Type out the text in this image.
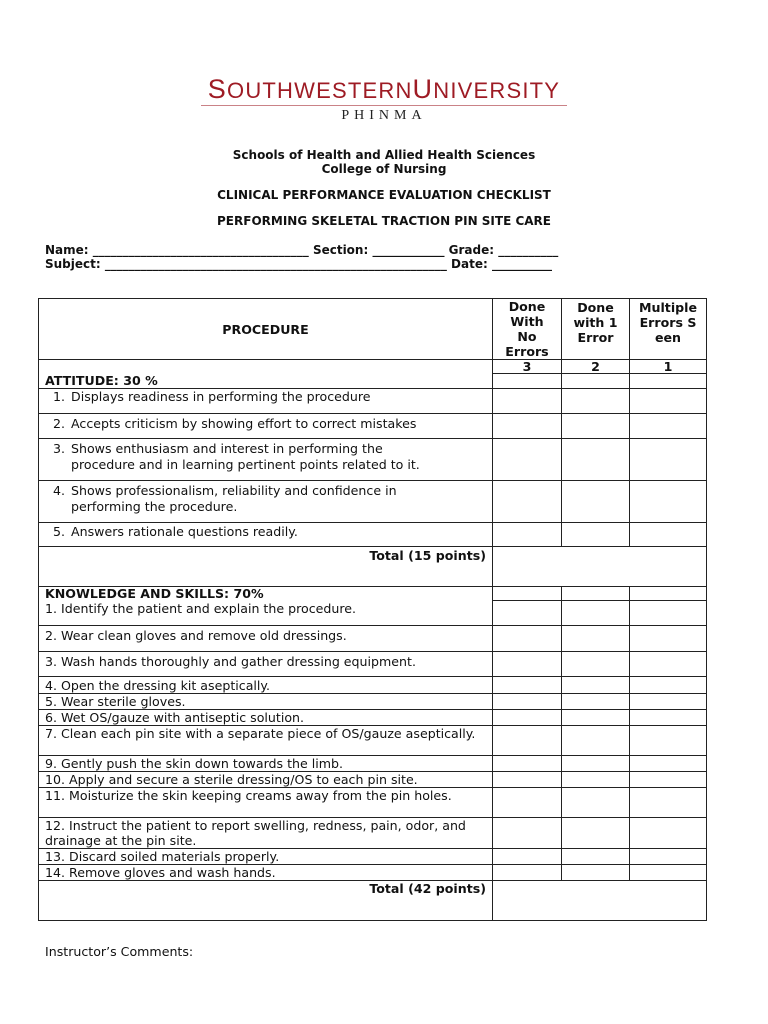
SOUTHWESTERNUNIVERSITY
PHINMA
Schools of Health and Allied Health Sciences
College of Nursing
CLINICAL PERFORMANCE EVALUATION CHECKLIST
PERFORMING SKELETAL TRACTION PIN SITE CARE
Name: ____________________________________ Section: ____________ Grade: __________
Subject: _________________________________________________________ Date: __________
PROCEDURE	Done With No Errors	Done with 1 Error	Multiple Errors Seen

	3	2	1
ATTITUDE: 30 %			
1. Displays readiness in performing the procedure			
2. Accepts criticism by showing effort to correct mistakes			
3. Shows enthusiasm and interest in performing the
procedure and in learning pertinent points related to it.			

4. Shows professionalism, reliability and confidence in
performing the procedure.			

5. Answers rationale questions readily.			
Total (15 points)			
KNOWLEDGE AND SKILLS: 70%			
1. Identify the patient and explain the procedure.			
2. Wear clean gloves and remove old dressings.			
3. Wash hands thoroughly and gather dressing equipment.			
4. Open the dressing kit aseptically.			
5. Wear sterile gloves.			
6. Wet OS/gauze with antiseptic solution.			
7. Clean each pin site with a separate piece of OS/gauze aseptically.			
9. Gently push the skin down towards the limb.			
10. Apply and secure a sterile dressing/OS to each pin site.			
11. Moisturize the skin keeping creams away from the pin holes.			
12. Instruct the patient to report swelling, redness, pain, odor, and drainage at the pin site.			
13. Discard soiled materials properly.			
14. Remove gloves and wash hands.			
Total (42 points)			
Instructor’s Comments:
